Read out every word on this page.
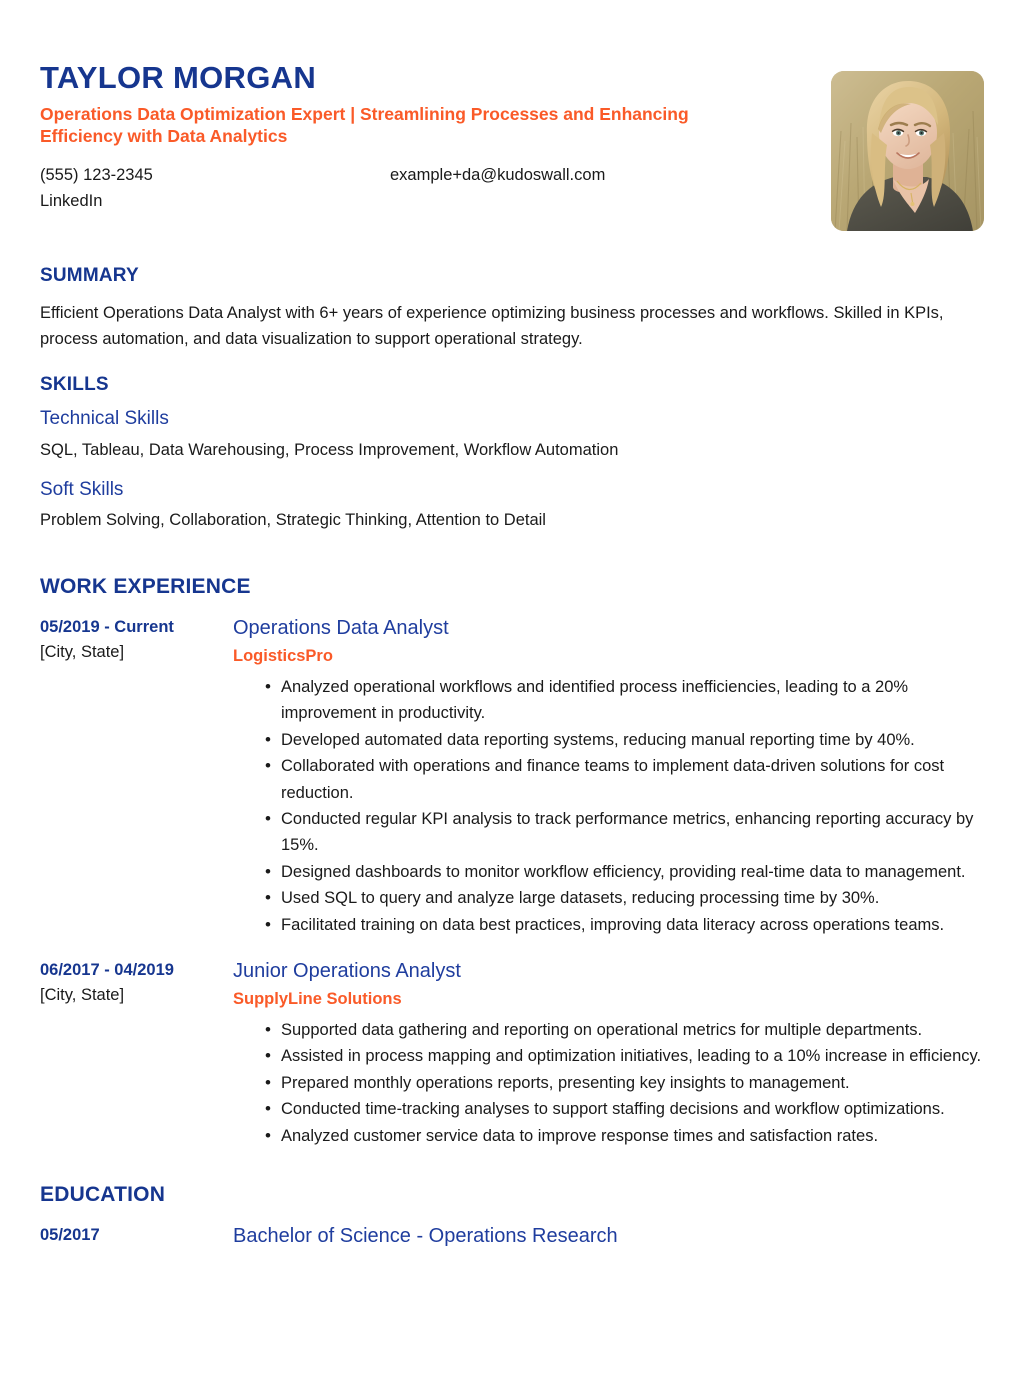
TAYLOR MORGAN
Operations Data Optimization Expert | Streamlining Processes and Enhancing Efficiency with Data Analytics
(555) 123-2345	example+da@kudoswall.com
LinkedIn
SUMMARY

Efficient Operations Data Analyst with 6+ years of experience optimizing business processes and workflows. Skilled in KPIs, process automation, and data visualization to support operational strategy.

SKILLS
Technical Skills

SQL, Tableau, Data Warehousing, Process Improvement, Workflow Automation

Soft Skills

Problem Solving, Collaboration, Strategic Thinking, Attention to Detail

WORK EXPERIENCE
05/2019 - Current
[City, State]
Operations Data Analyst
LogisticsPro
• Analyzed operational workflows and identified process inefficiencies, leading to a 20% improvement in productivity.
• Developed automated data reporting systems, reducing manual reporting time by 40%.
• Collaborated with operations and finance teams to implement data-driven solutions for cost reduction.
• Conducted regular KPI analysis to track performance metrics, enhancing reporting accuracy by 15%.
• Designed dashboards to monitor workflow efficiency, providing real-time data to management.
• Used SQL to query and analyze large datasets, reducing processing time by 30%.
• Facilitated training on data best practices, improving data literacy across operations teams.
06/2017 - 04/2019
[City, State]
Junior Operations Analyst
SupplyLine Solutions
• Supported data gathering and reporting on operational metrics for multiple departments.
• Assisted in process mapping and optimization initiatives, leading to a 10% increase in efficiency.
• Prepared monthly operations reports, presenting key insights to management.
• Conducted time-tracking analyses to support staffing decisions and workflow optimizations.
• Analyzed customer service data to improve response times and satisfaction rates.
EDUCATION
05/2017	Bachelor of Science - Operations Research
